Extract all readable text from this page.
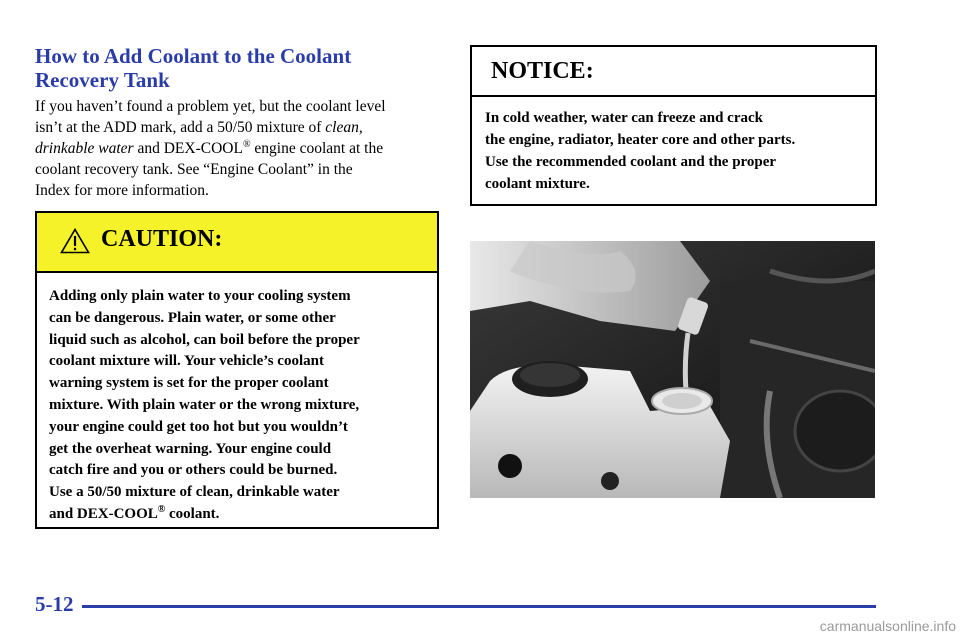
How to Add Coolant to the Coolant
Recovery Tank
If you haven’t found a problem yet, but the coolant level
isn’t at the ADD mark, add a 50/50 mixture of clean,
drinkable water and DEX-COOL® engine coolant at the
coolant recovery tank. See “Engine Coolant” in the
Index for more information.
CAUTION:
Adding only plain water to your cooling system
can be dangerous. Plain water, or some other
liquid such as alcohol, can boil before the proper
coolant mixture will. Your vehicle’s coolant
warning system is set for the proper coolant
mixture. With plain water or the wrong mixture,
your engine could get too hot but you wouldn’t
get the overheat warning. Your engine could
catch fire and you or others could be burned.
Use a 50/50 mixture of clean, drinkable water
and DEX-COOL® coolant.
NOTICE:
In cold weather, water can freeze and crack
the engine, radiator, heater core and other parts.
Use the recommended coolant and the proper
coolant mixture.
5-12
carmanualsonline.info
